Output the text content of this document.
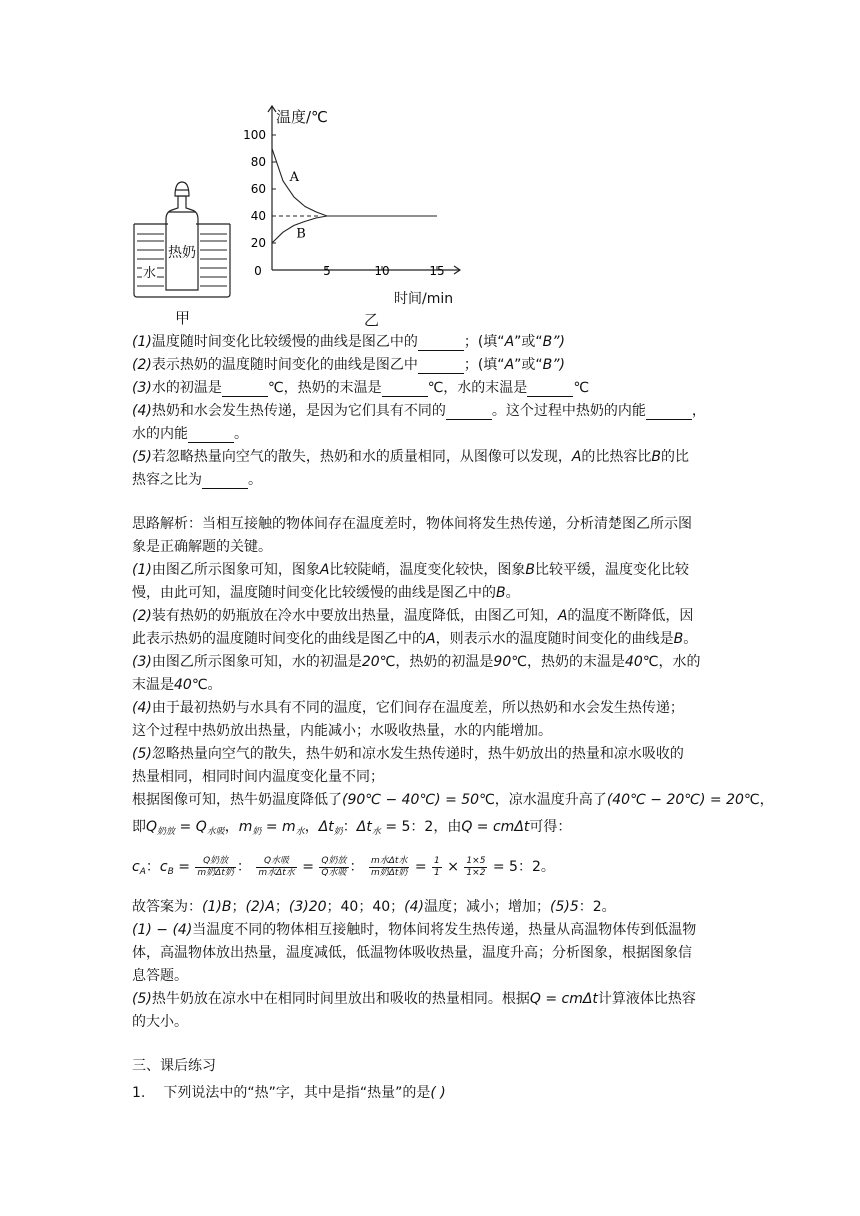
20
40
60
80
100
0	5	10	15
A
B
热奶
水
甲	乙
温度/℃
时间/min
(1)温度随时间变化比较缓慢的曲线是图乙中的	；(填“A”或“B”)
(2)表示热奶的温度随时间变化的曲线是图乙中	；(填“A”或“B”)
(3)水的初温是	℃，热奶的末温是	℃，水的末温是	℃
(4)热奶和水会发生热传递，是因为它们具有不同的	。这个过程中热奶的内能	，
水的内能	。
(5)若忽略热量向空气的散失，热奶和水的质量相同，从图像可以发现，A的比热容比B的比
热容之比为	。
思路解析：当相互接触的物体间存在温度差时，物体间将发生热传递，分析清楚图乙所示图
象是正确解题的关键。
(1)由图乙所示图象可知，图象A比较陡峭，温度变化较快，图象B比较平缓，温度变化比较
慢，由此可知，温度随时间变化比较缓慢的曲线是图乙中的B。
(2)装有热奶的奶瓶放在冷水中要放出热量，温度降低，由图乙可知，A的温度不断降低，因
此表示热奶的温度随时间变化的曲线是图乙中的A，则表示水的温度随时间变化的曲线是B。
(3)由图乙所示图象可知，水的初温是20℃，热奶的初温是90℃，热奶的末温是40℃，水的
末温是40℃。
(4)由于最初热奶与水具有不同的温度，它们间存在温度差，所以热奶和水会发生热传递；
这个过程中热奶放出热量，内能减小；水吸收热量，水的内能增加。
(5)忽略热量向空气的散失，热牛奶和凉水发生热传递时，热牛奶放出的热量和凉水吸收的
热量相同，相同时间内温度变化量不同；
根据图像可知，热牛奶温度降低了(90℃ − 40℃) = 50℃，凉水温度升高了(40℃ − 20℃) = 20℃，
即$Q_{奶放} = Q_{水吸}$，$m_奶 = m_水$，$\Delta t_奶$：$\Delta t_水 = 5$：2，由Q = cmΔt可得：
$c_A$：$c_B = \frac{\text{Q奶放}}{\text{m奶Δt奶}}$ ： $\frac{\text{Q水吸}}{\text{m水Δt水}} = \frac{\text{Q奶放}}{\text{Q水吸}}$ ： $\frac{\text{m水Δt水}}{\text{m奶Δt奶}} = \frac{1}{1} \times \frac{1\times 5}{1\times 2} = 5$：2。
故答案为：(1)B；(2)A；(3)20；40；40；(4)温度；减小；增加；(5)5：2。
(1) − (4)当温度不同的物体相互接触时，物体间将发生热传递，热量从高温物体传到低温物
体，高温物体放出热量，温度减低，低温物体吸收热量，温度升高；分析图象，根据图象信
息答题。
(5)热牛奶放在凉水中在相同时间里放出和吸收的热量相同。根据Q = cmΔt计算液体比热容
的大小。
三、课后练习
1. 下列说法中的“热”字，其中是指“热量”的是( )
